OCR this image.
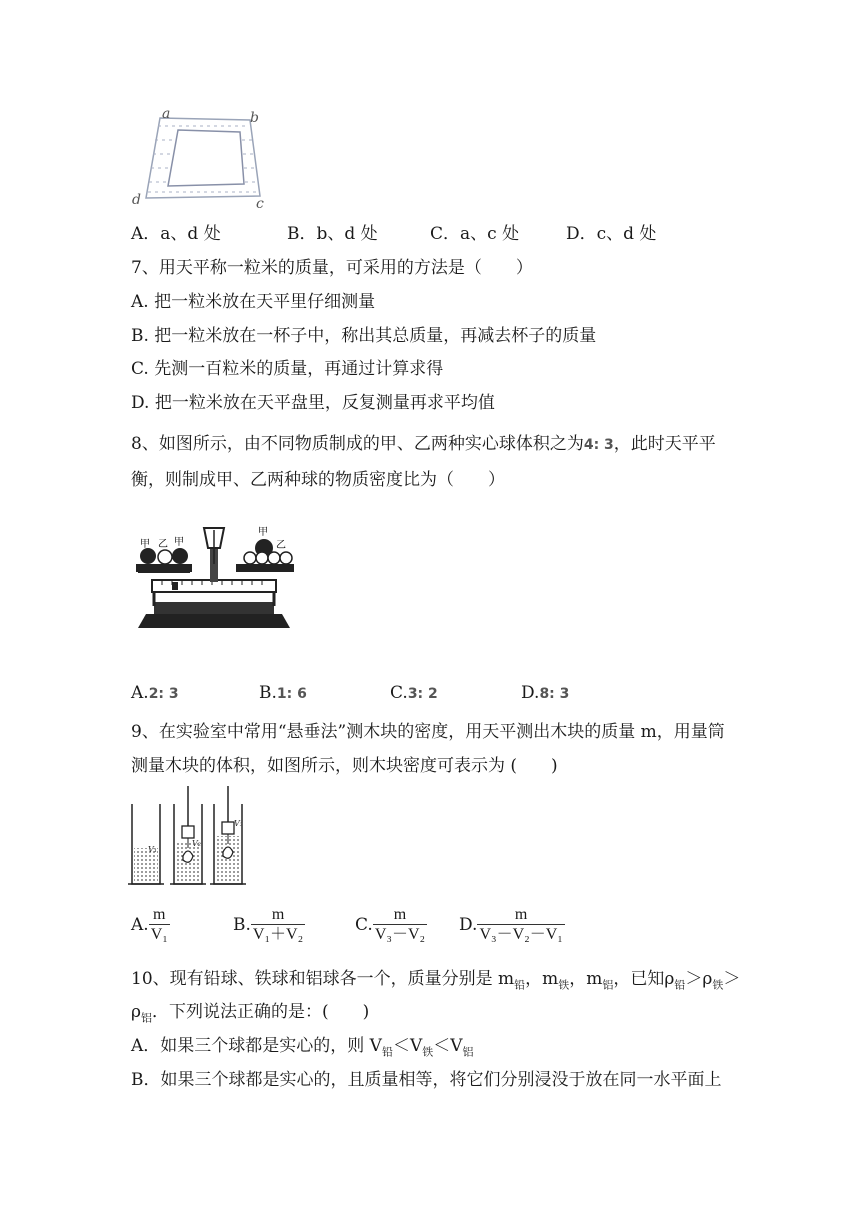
a	b
c
d
A．a、d 处	B．b、d 处	C．a、c 处	D．c、d 处
7、用天平称一粒米的质量，可采用的方法是（　　）
A. 把一粒米放在天平里仔细测量
B. 把一粒米放在一杯子中，称出其总质量，再减去杯子的质量
C. 先测一百粒米的质量，再通过计算求得
D. 把一粒米放在天平盘里，反复测量再求平均值
8、如图所示，由不同物质制成的甲、乙两种实心球体积之为4: 3，此时天平平
衡，则制成甲、乙两种球的物质密度比为（　　）
甲 乙 甲
甲
乙
A.2: 3	B.1: 6	C.3: 2	D.8: 3
9、在实验室中常用“悬垂法”测木块的密度，用天平测出木块的质量 m，用量筒
测量木块的体积，如图所示，则木块密度可表示为 (　　)
V₁
V₂
V₃
A. $\frac{m}{\text{V₁}}$	B. $\frac{m}{\text{V₁＋V₂}}$	C. $\frac{m}{\text{V₃－V₂}} D$. $\frac{m}{\text{V₃－V₂－V₁}}$
10、现有铅球、铁球和铝球各一个，质量分别是 $m_铅$，$m_铁$，$m_铝$，已知$\rho_铅>\rho_铁>$
$\rho_铝$．下列说法正确的是：(　　)
A．如果三个球都是实心的，则 $V_铅<V_铁<V_铝$
B．如果三个球都是实心的，且质量相等，将它们分别浸没于放在同一水平面上
